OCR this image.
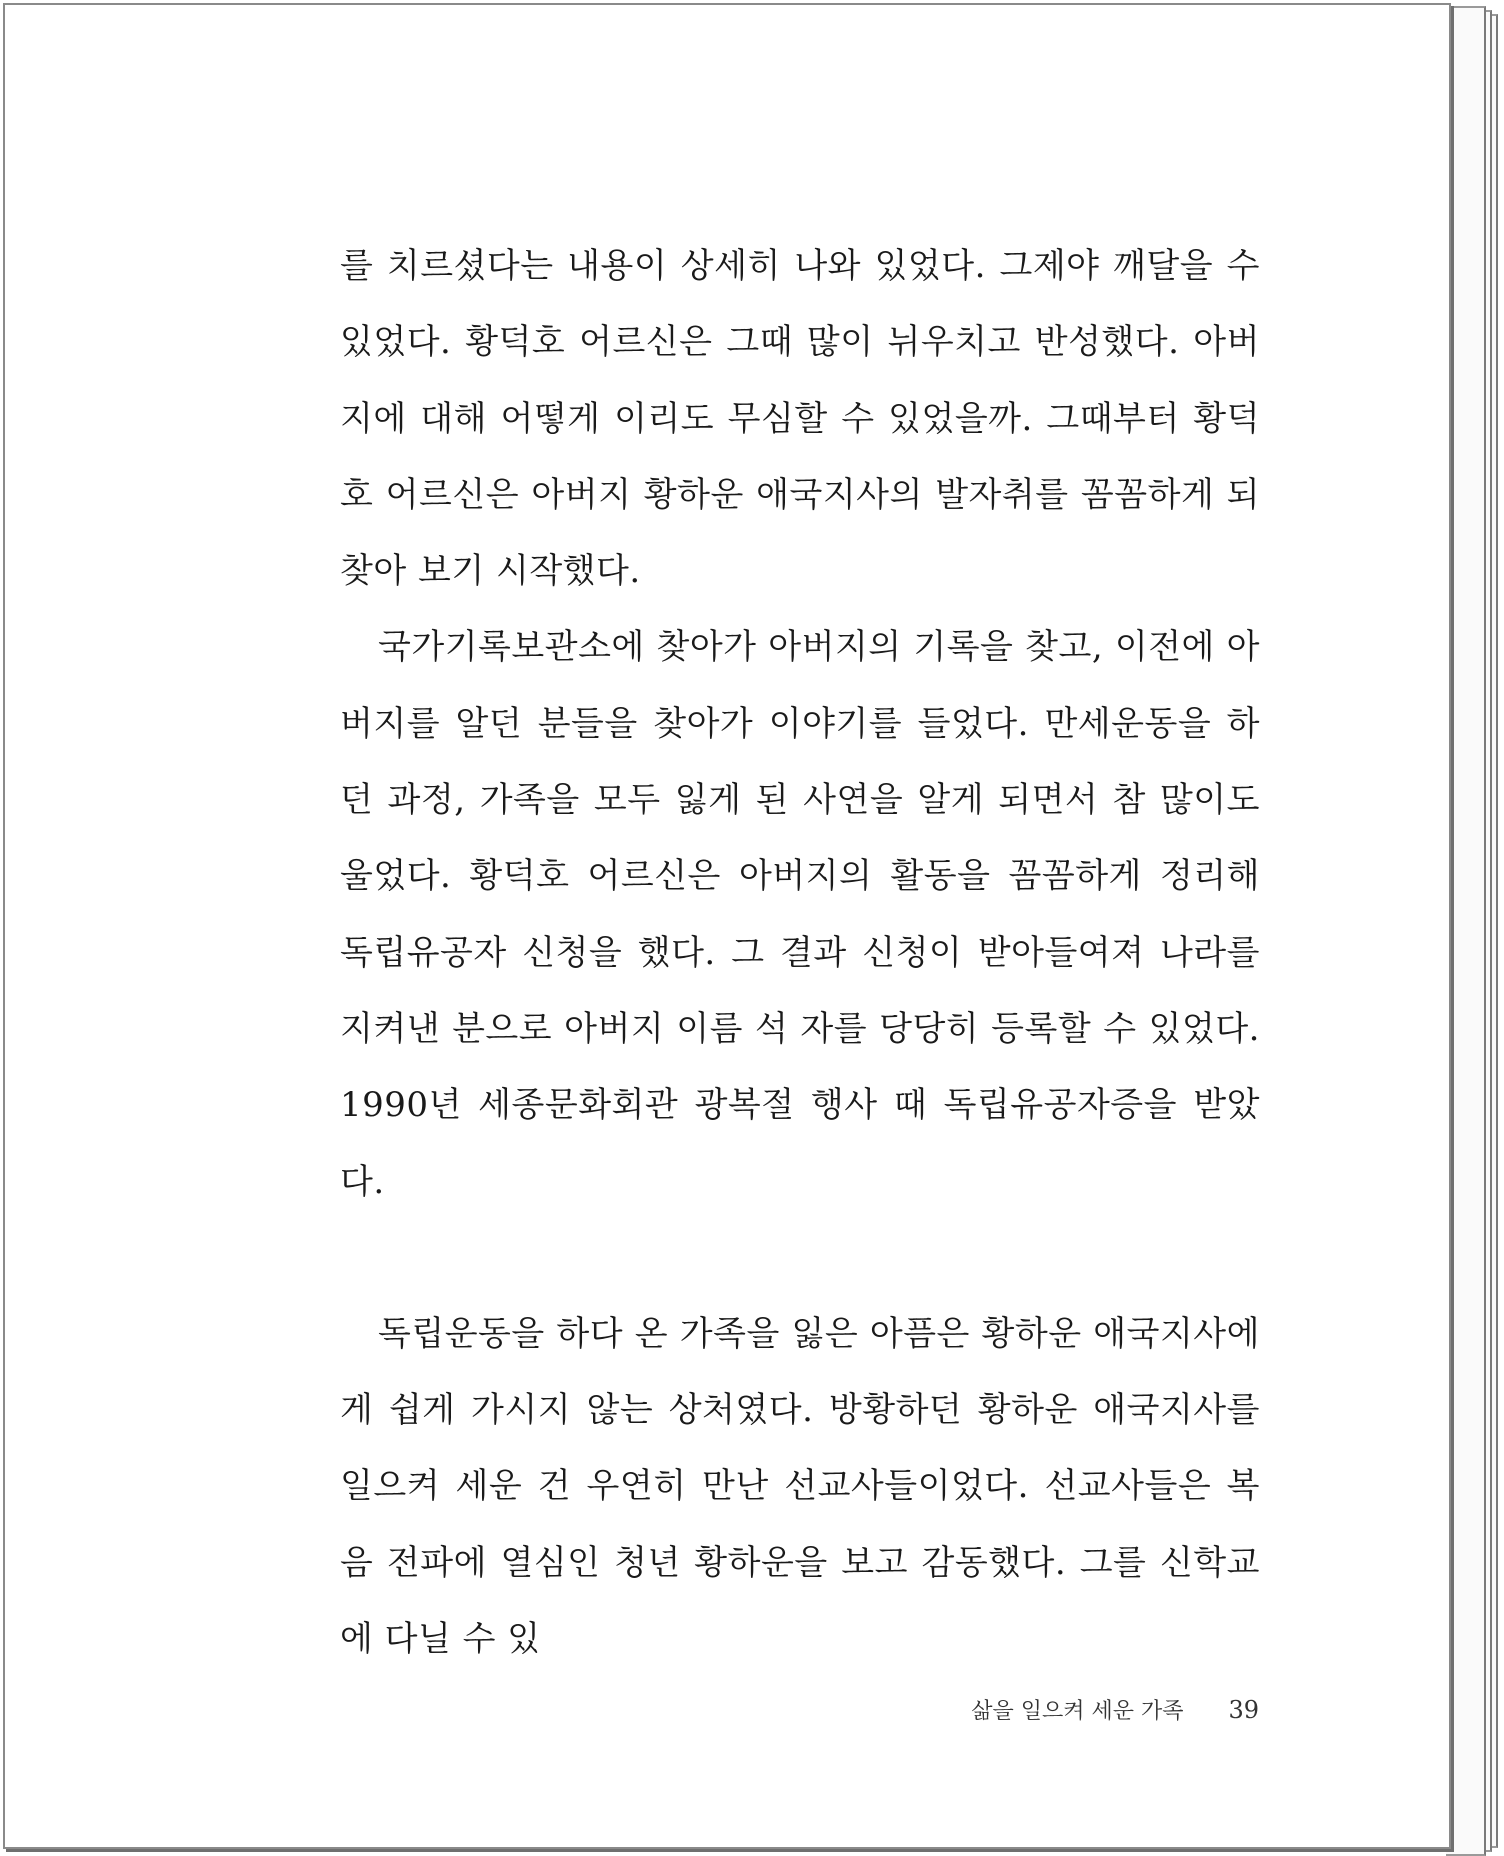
를 치르셨다는 내용이 상세히 나와 있었다. 그제야 깨달을 수 있었다. 황덕호 어르신은 그때 많이 뉘우치고 반성했다. 아버지에 대해 어떻게 이리도 무심할 수 있었을까. 그때부터 황덕호 어르신은 아버지 황하운 애국지사의 발자취를 꼼꼼하게 되찾아 보기 시작했다.

국가기록보관소에 찾아가 아버지의 기록을 찾고, 이전에 아버지를 알던 분들을 찾아가 이야기를 들었다. 만세운동을 하던 과정, 가족을 모두 잃게 된 사연을 알게 되면서 참 많이도 울었다. 황덕호 어르신은 아버지의 활동을 꼼꼼하게 정리해 독립유공자 신청을 했다. 그 결과 신청이 받아들여져 나라를 지켜낸 분으로 아버지 이름 석 자를 당당히 등록할 수 있었다. 1990년 세종문화회관 광복절 행사 때 독립유공자증을 받았다.

독립운동을 하다 온 가족을 잃은 아픔은 황하운 애국지사에게 쉽게 가시지 않는 상처였다. 방황하던 황하운 애국지사를 일으켜 세운 건 우연히 만난 선교사들이었다. 선교사들은 복음 전파에 열심인 청년 황하운을 보고 감동했다. 그를 신학교에 다닐 수 있

삶을 일으켜 세운 가족 39
